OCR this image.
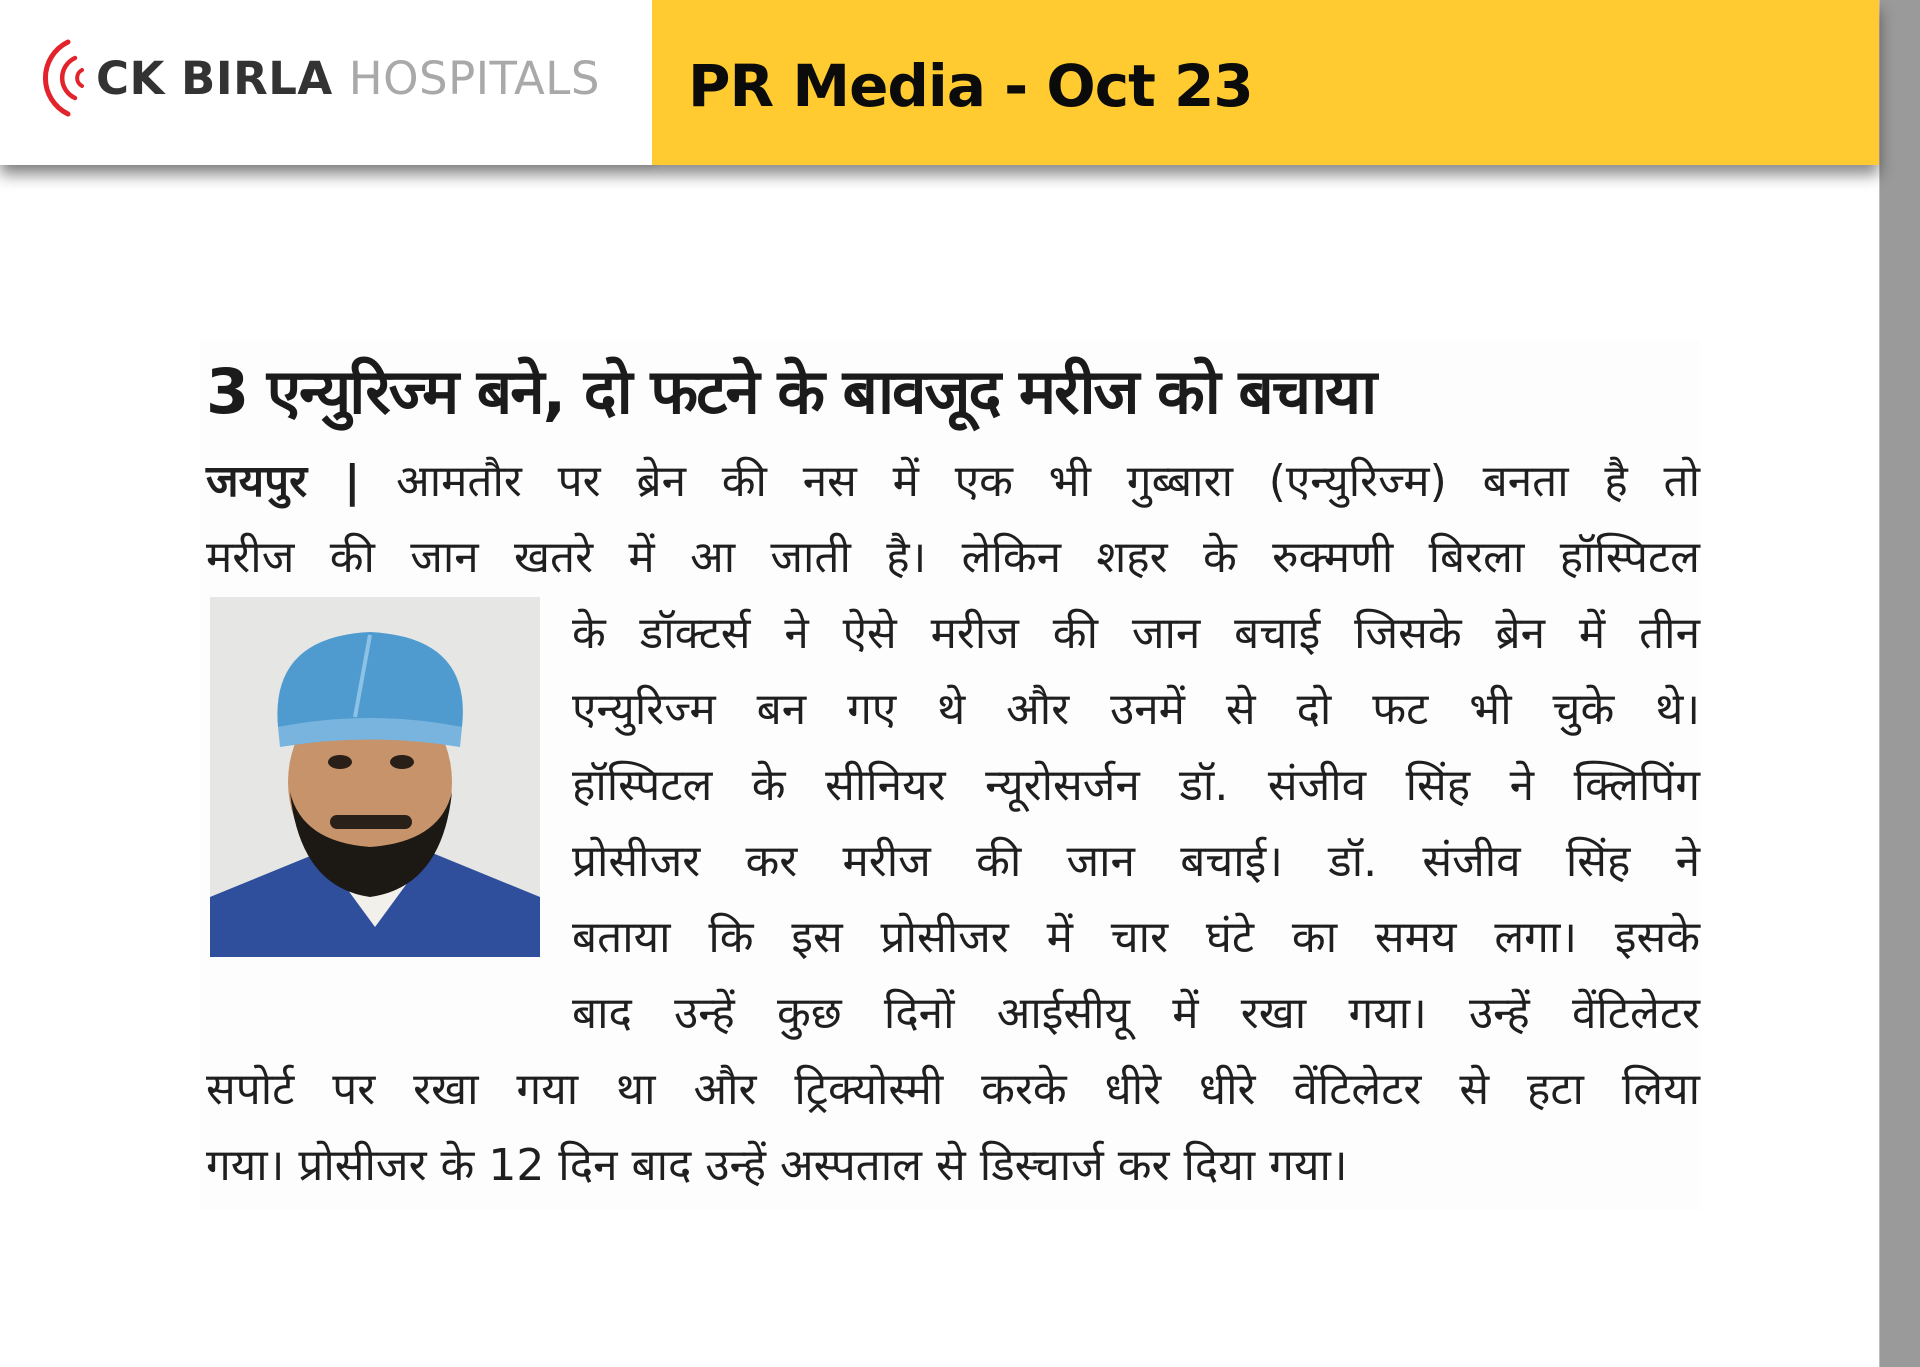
CK BIRLA HOSPITALS PR Media - Oct 23
3 एन्युरिज्म बने, दो फटने के बावजूद मरीज को बचाया
जयपुर | आमतौर पर ब्रेन की नस में एक भी गुब्बारा (एन्युरिज्म) बनता है तो
मरीज की जान खतरे में आ जाती है। लेकिन शहर के रुक्मणी बिरला हॉस्पिटल
के डॉक्टर्स ने ऐसे मरीज की जान बचाई जिसके ब्रेन में तीन
एन्युरिज्म बन गए थे और उनमें से दो फट भी चुके थे।
हॉस्पिटल के सीनियर न्यूरोसर्जन डॉ. संजीव सिंह ने क्लिपिंग
प्रोसीजर कर मरीज की जान बचाई। डॉ. संजीव सिंह ने
बताया कि इस प्रोसीजर में चार घंटे का समय लगा। इसके
बाद उन्हें कुछ दिनों आईसीयू में रखा गया। उन्हें वेंटिलेटर
सपोर्ट पर रखा गया था और ट्रिक्योस्मी करके धीरे धीरे वेंटिलेटर से हटा लिया
गया। प्रोसीजर के 12 दिन बाद उन्हें अस्पताल से डिस्चार्ज कर दिया गया।
